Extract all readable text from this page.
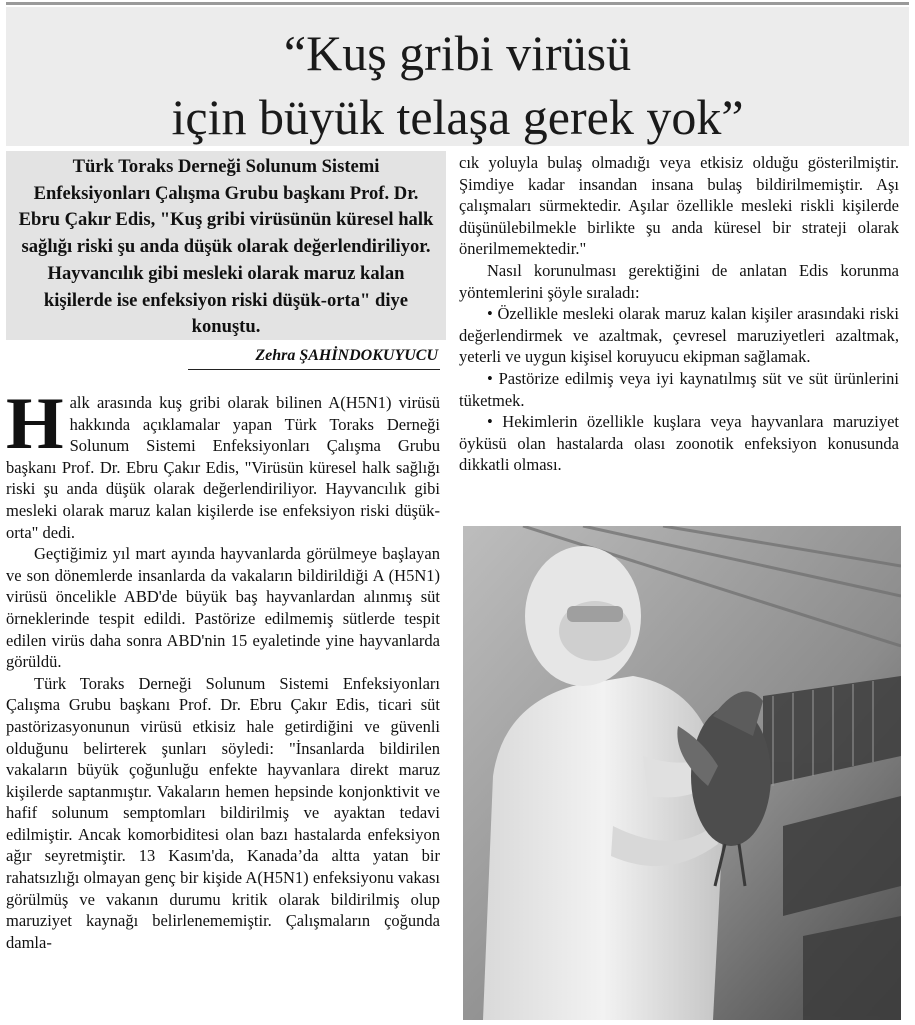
“Kuş gribi virüsü
için büyük telaşa gerek yok”

Türk Toraks Derneği Solunum Sistemi Enfeksiyonları Çalışma Grubu başkanı Prof. Dr. Ebru Çakır Edis, "Kuş gribi virüsünün küresel halk sağlığı riski şu anda düşük olarak değerlendiriliyor. Hayvancılık gibi mesleki olarak maruz kalan kişilerde ise enfeksiyon riski düşük-orta" diye konuştu.

Zehra ŞAHİNDOKUYUCU

Halk arasında kuş gribi olarak bilinen A(H5N1) virüsü hakkında açıklamalar yapan Türk Toraks Derneği Solunum Sistemi Enfeksiyonları Çalışma Grubu başkanı Prof. Dr. Ebru Çakır Edis, "Virüsün küresel halk sağlığı riski şu anda düşük olarak değerlendiriliyor. Hayvancılık gibi mesleki olarak maruz kalan kişilerde ise enfeksiyon riski düşük-orta" dedi.

Geçtiğimiz yıl mart ayında hayvanlarda görülmeye başlayan ve son dönemlerde insanlarda da vakaların bildirildiği A (H5N1) virüsü öncelikle ABD'de büyük baş hayvanlardan alınmış süt örneklerinde tespit edildi. Pastörize edilmemiş sütlerde tespit edilen virüs daha sonra ABD'nin 15 eyaletinde yine hayvanlarda görüldü.

Türk Toraks Derneği Solunum Sistemi Enfeksiyonları Çalışma Grubu başkanı Prof. Dr. Ebru Çakır Edis, ticari süt pastörizasyonunun virüsü etkisiz hale getirdiğini ve güvenli olduğunu belirterek şunları söyledi: "İnsanlarda bildirilen vakaların büyük çoğunluğu enfekte hayvanlara direkt maruz kişilerde saptanmıştır. Vakaların hemen hepsinde konjonktivit ve hafif solunum semptomları bildirilmiş ve ayaktan tedavi edilmiştir. Ancak komorbiditesi olan bazı hastalarda enfeksiyon ağır seyretmiştir. 13 Kasım'da, Kanada’da altta yatan bir rahatsızlığı olmayan genç bir kişide A(H5N1) enfeksiyonu vakası görülmüş ve vakanın durumu kritik olarak bildirilmiş olup maruziyet kaynağı belirlenememiştir. Çalışmaların çoğunda damla-

cık yoluyla bulaş olmadığı veya etkisiz olduğu gösterilmiştir. Şimdiye kadar insandan insana bulaş bildirilmemiştir. Aşı çalışmaları sürmektedir. Aşılar özellikle mesleki riskli kişilerde düşünülebilmekle birlikte şu anda küresel bir strateji olarak önerilmemektedir."

Nasıl korunulması gerektiğini de anlatan Edis korunma yöntemlerini şöyle sıraladı:

• Özellikle mesleki olarak maruz kalan kişiler arasındaki riski değerlendirmek ve azaltmak, çevresel maruziyetleri azaltmak, yeterli ve uygun kişisel koruyucu ekipman sağlamak.

• Pastörize edilmiş veya iyi kaynatılmış süt ve süt ürünlerini tüketmek.

• Hekimlerin özellikle kuşlara veya hayvanlara maruziyet öyküsü olan hastalarda olası zoonotik enfeksiyon konusunda dikkatli olması.
